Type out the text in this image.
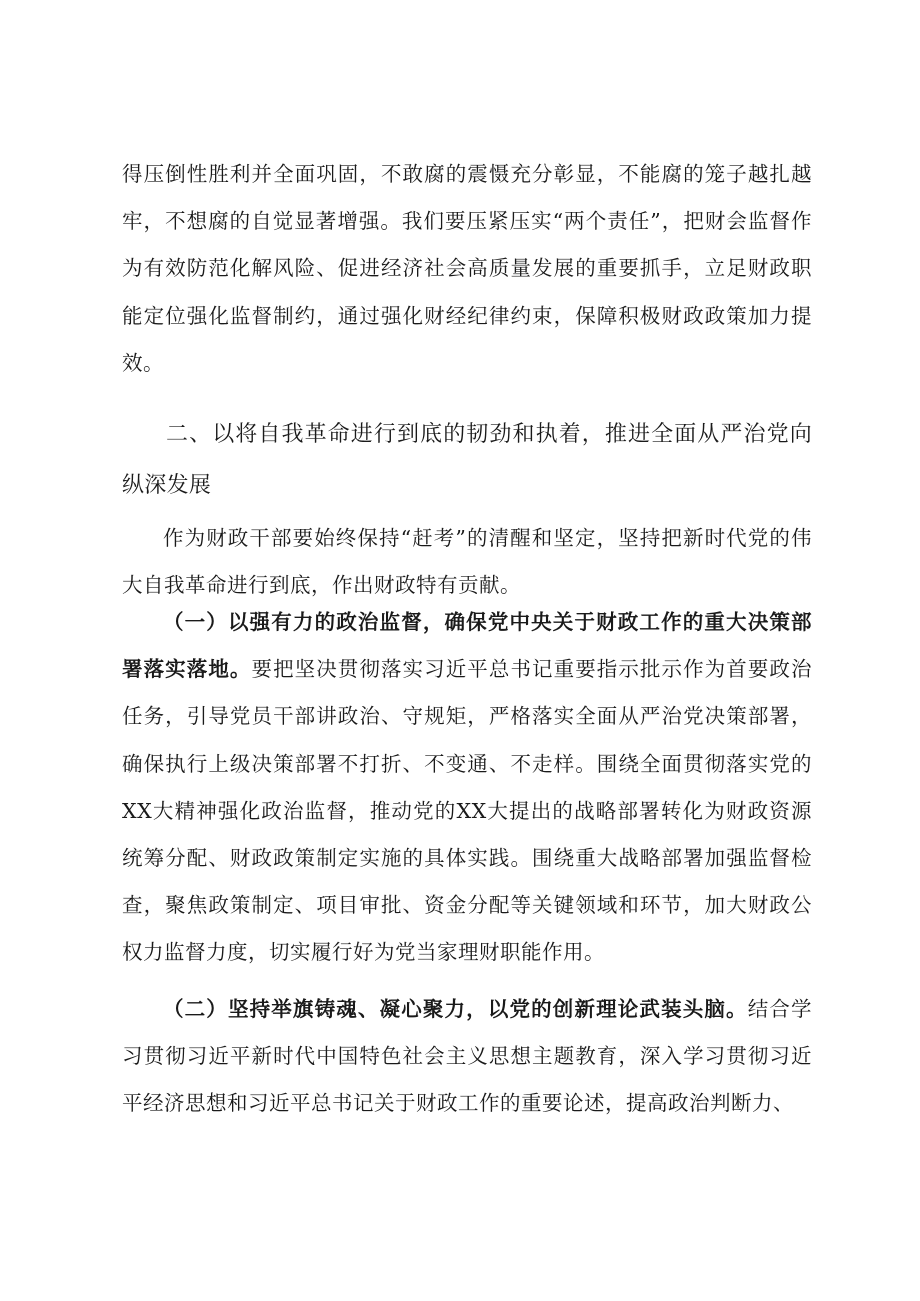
得压倒性胜利并全面巩固，不敢腐的震慑充分彰显，不能腐的笼子越扎越牢，不想腐的自觉显著增强。我们要压紧压实“两个责任”，把财会监督作为有效防范化解风险、促进经济社会高质量发展的重要抓手，立足财政职能定位强化监督制约，通过强化财经纪律约束，保障积极财政政策加力提效。

二、以将自我革命进行到底的韧劲和执着，推进全面从严治党向纵深发展

作为财政干部要始终保持“赶考”的清醒和坚定，坚持把新时代党的伟大自我革命进行到底，作出财政特有贡献。

（一）以强有力的政治监督，确保党中央关于财政工作的重大决策部署落实落地。要把坚决贯彻落实习近平总书记重要指示批示作为首要政治任务，引导党员干部讲政治、守规矩，严格落实全面从严治党决策部署，确保执行上级决策部署不打折、不变通、不走样。围绕全面贯彻落实党的XX大精神强化政治监督，推动党的XX大提出的战略部署转化为财政资源统筹分配、财政政策制定实施的具体实践。围绕重大战略部署加强监督检查，聚焦政策制定、项目审批、资金分配等关键领域和环节，加大财政公权力监督力度，切实履行好为党当家理财职能作用。

（二）坚持举旗铸魂、凝心聚力，以党的创新理论武装头脑。结合学习贯彻习近平新时代中国特色社会主义思想主题教育，深入学习贯彻习近平经济思想和习近平总书记关于财政工作的重要论述，提高政治判断力、
